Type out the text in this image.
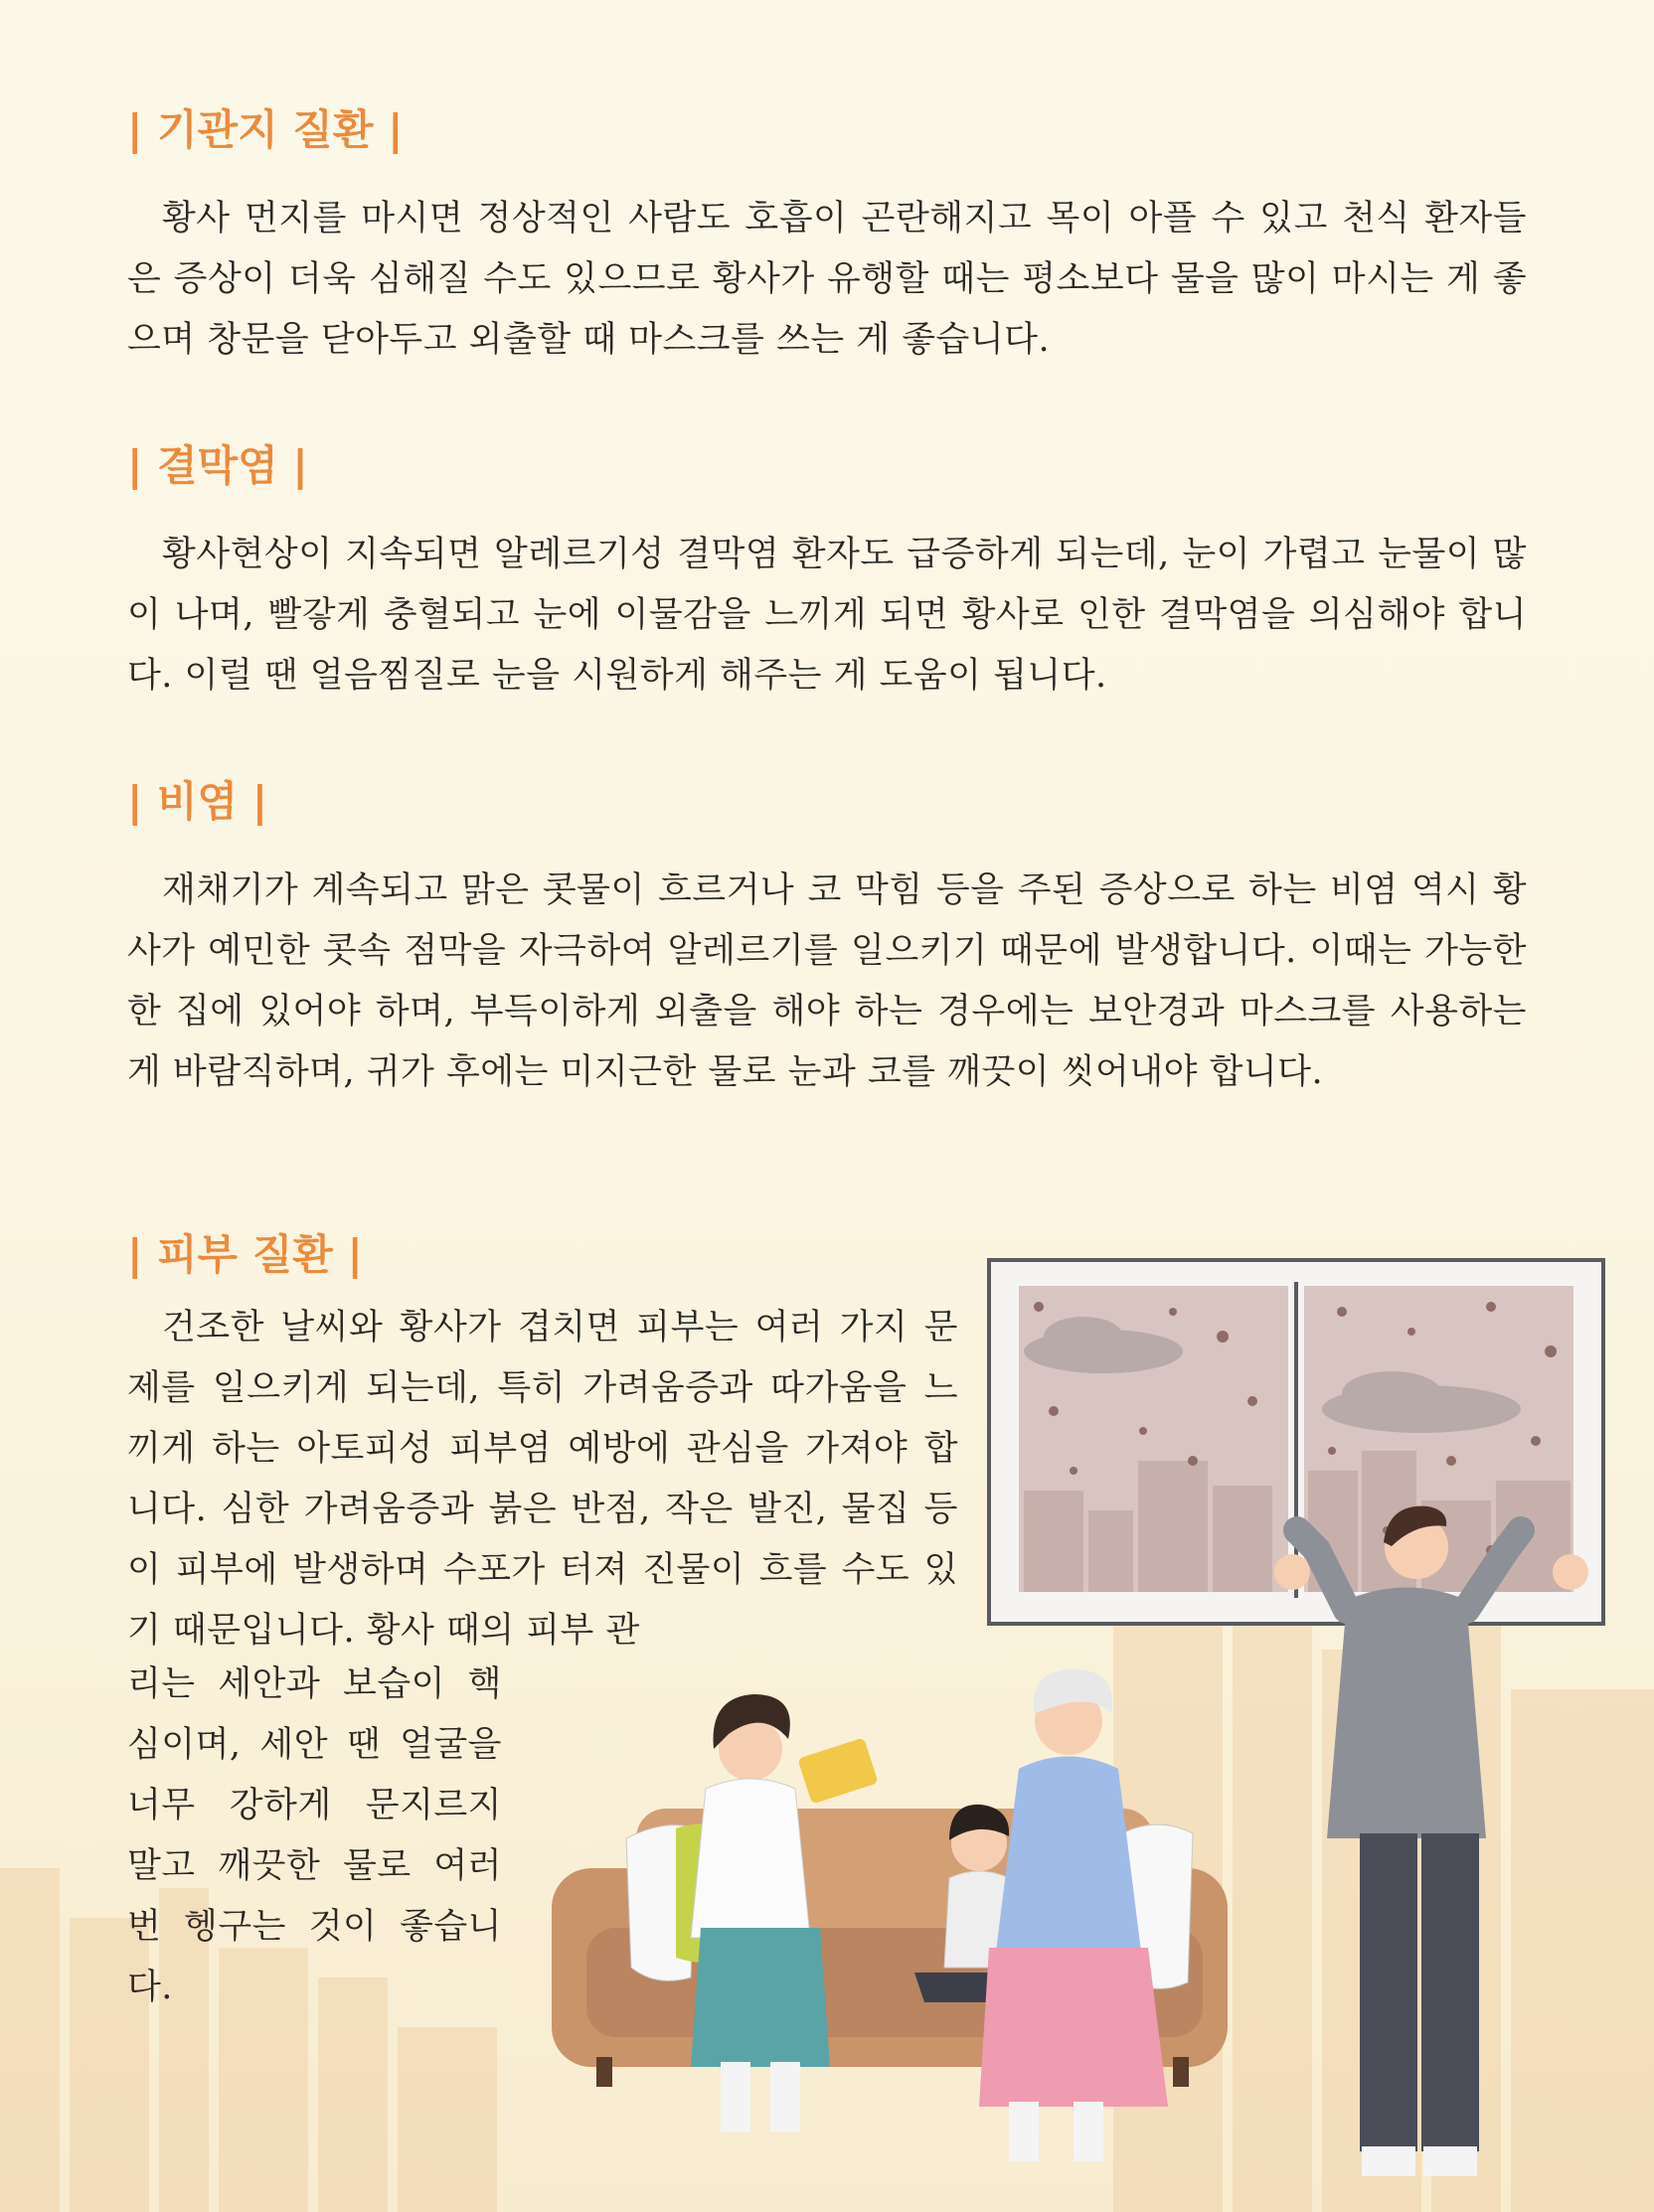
| 기관지 질환 |
황사 먼지를 마시면 정상적인 사람도 호흡이 곤란해지고 목이 아플 수 있고 천식 환자들은 증상이 더욱 심해질 수도 있으므로 황사가 유행할 때는 평소보다 물을 많이 마시는 게 좋으며 창문을 닫아두고 외출할 때 마스크를 쓰는 게 좋습니다.
| 결막염 |
황사현상이 지속되면 알레르기성 결막염 환자도 급증하게 되는데, 눈이 가렵고 눈물이 많이 나며, 빨갛게 충혈되고 눈에 이물감을 느끼게 되면 황사로 인한 결막염을 의심해야 합니다. 이럴 땐 얼음찜질로 눈을 시원하게 해주는 게 도움이 됩니다.
| 비염 |
재채기가 계속되고 맑은 콧물이 흐르거나 코 막힘 등을 주된 증상으로 하는 비염 역시 황사가 예민한 콧속 점막을 자극하여 알레르기를 일으키기 때문에 발생합니다. 이때는 가능한 한 집에 있어야 하며, 부득이하게 외출을 해야 하는 경우에는 보안경과 마스크를 사용하는 게 바람직하며, 귀가 후에는 미지근한 물로 눈과 코를 깨끗이 씻어내야 합니다.
| 피부 질환 |
건조한 날씨와 황사가 겹치면 피부는 여러 가지 문제를 일으키게 되는데, 특히 가려움증과 따가움을 느끼게 하는 아토피성 피부염 예방에 관심을 가져야 합니다. 심한 가려움증과 붉은 반점, 작은 발진, 물집 등이 피부에 발생하며 수포가 터져 진물이 흐를 수도 있기 때문입니다. 황사 때의 피부 관
리는 세안과 보습이 핵심이며, 세안 땐 얼굴을 너무 강하게 문지르지 말고 깨끗한 물로 여러 번 헹구는 것이 좋습니다.
